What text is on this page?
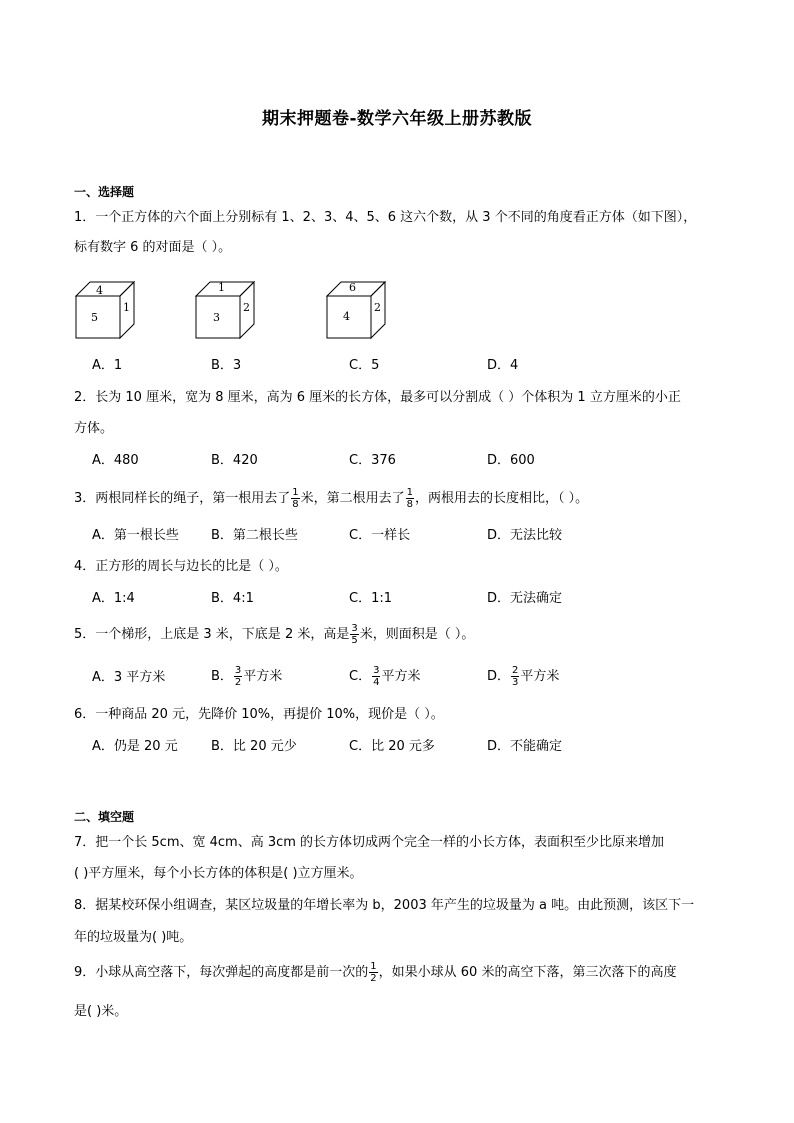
期末押题卷-数学六年级上册苏教版
一、选择题
1．一个正方体的六个面上分别标有 1、2、3、4、5、6 这六个数，从 3 个不同的角度看正方体（如下图），
标有数字 6 的对面是（ ）。
4
5
1
1
3
2
6
4
2
A．1	B．3	C．5	D．4
2．长为 10 厘米，宽为 8 厘米，高为 6 厘米的长方体，最多可以分割成（ ）个体积为 1 立方厘米的小正
方体。
A．480	B．420	C．376	D．600
3．两根同样长的绳子，第一根用去了 $\frac{1}{8}$ 米，第二根用去了 $\frac{1}{8}$ ，两根用去的长度相比，（ ）。
A．第一根长些 B．第二根长些	C．一样长	D．无法比较
4．正方形的周长与边长的比是（ ）。
A．1:4	B．4:1	C．1:1	D．无法确定
5．一个梯形，上底是 3 米，下底是 2 米，高是 $\frac{3}{5}$ 米，则面积是（ ）。
A．3 平方米	B． $\frac{3}{2}$ 平方米	C． $\frac{3}{4}$ 平方米	D． $\frac{2}{3}$ 平方米
6．一种商品 20 元，先降价 10%，再提价 10%，现价是（ ）。
A．仍是 20 元	B．比 20 元少	C．比 20 元多	D．不能确定
二、填空题
7．把一个长 5cm、宽 4cm、高 3cm 的长方体切成两个完全一样的小长方体，表面积至少比原来增加
( )平方厘米，每个小长方体的体积是( )立方厘米。
8．据某校环保小组调查，某区垃圾量的年增长率为 b，2003 年产生的垃圾量为 a 吨。由此预测，该区下一
年的垃圾量为( )吨。
9．小球从高空落下，每次弹起的高度都是前一次的 $\frac{1}{2}$ ，如果小球从 60 米的高空下落，第三次落下的高度
是( )米。
